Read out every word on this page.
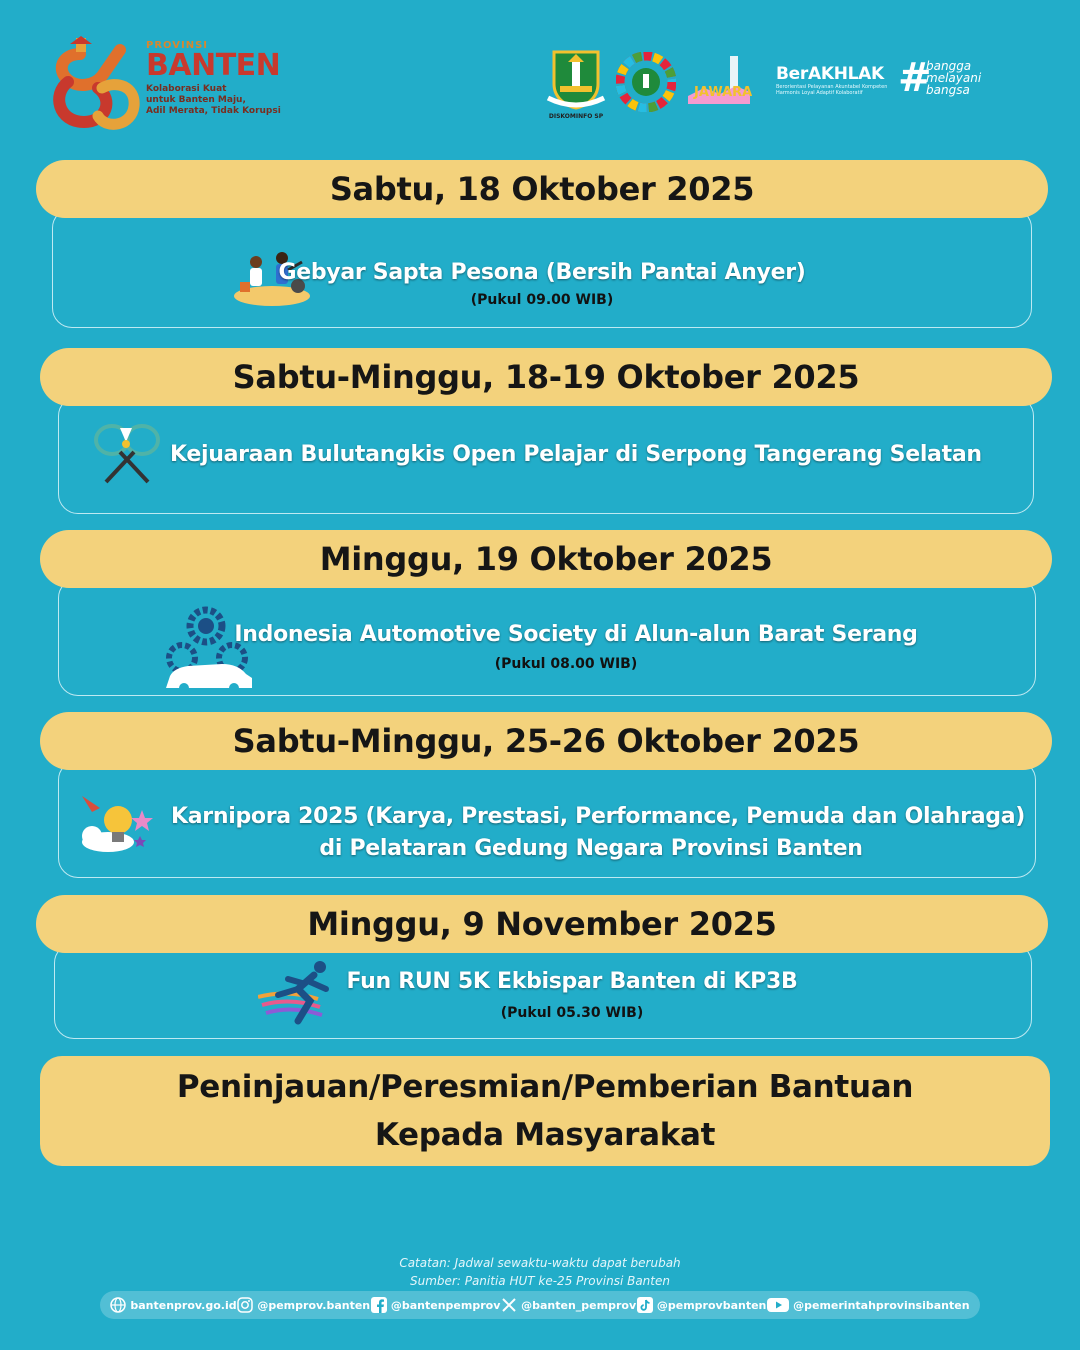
PROVINSI
BANTEN
Kolaborasi Kuat
untuk Banten Maju,
Adil Merata, Tidak Korupsi
DISKOMINFO SP
JAWARA
BerAKHLAK
Berorientasi Pelayanan Akuntabel Kompeten
Harmonis Loyal Adaptif Kolaboratif #
bangga
melayani
bangsa
Sabtu, 18 Oktober 2025
Gebyar Sapta Pesona (Bersih Pantai Anyer)
(Pukul 09.00 WIB)
Sabtu-Minggu, 18-19 Oktober 2025
Kejuaraan Bulutangkis Open Pelajar di Serpong Tangerang Selatan
Minggu, 19 Oktober 2025
Indonesia Automotive Society di Alun-alun Barat Serang
(Pukul 08.00 WIB)
Sabtu-Minggu, 25-26 Oktober 2025
Karnipora 2025 (Karya, Prestasi, Performance, Pemuda dan Olahraga)
di Pelataran Gedung Negara Provinsi Banten
Minggu, 9 November 2025
Fun RUN 5K Ekbispar Banten di KP3B
(Pukul 05.30 WIB)
Peninjauan/Peresmian/Pemberian Bantuan
Kepada Masyarakat
Catatan: Jadwal sewaktu-waktu dapat berubah
Sumber: Panitia HUT ke-25 Provinsi Banten
bantenprov.go.id @pemprov.banten @bantenpemprov @banten_pemprov @pemprovbanten @pemerintahprovinsibanten
